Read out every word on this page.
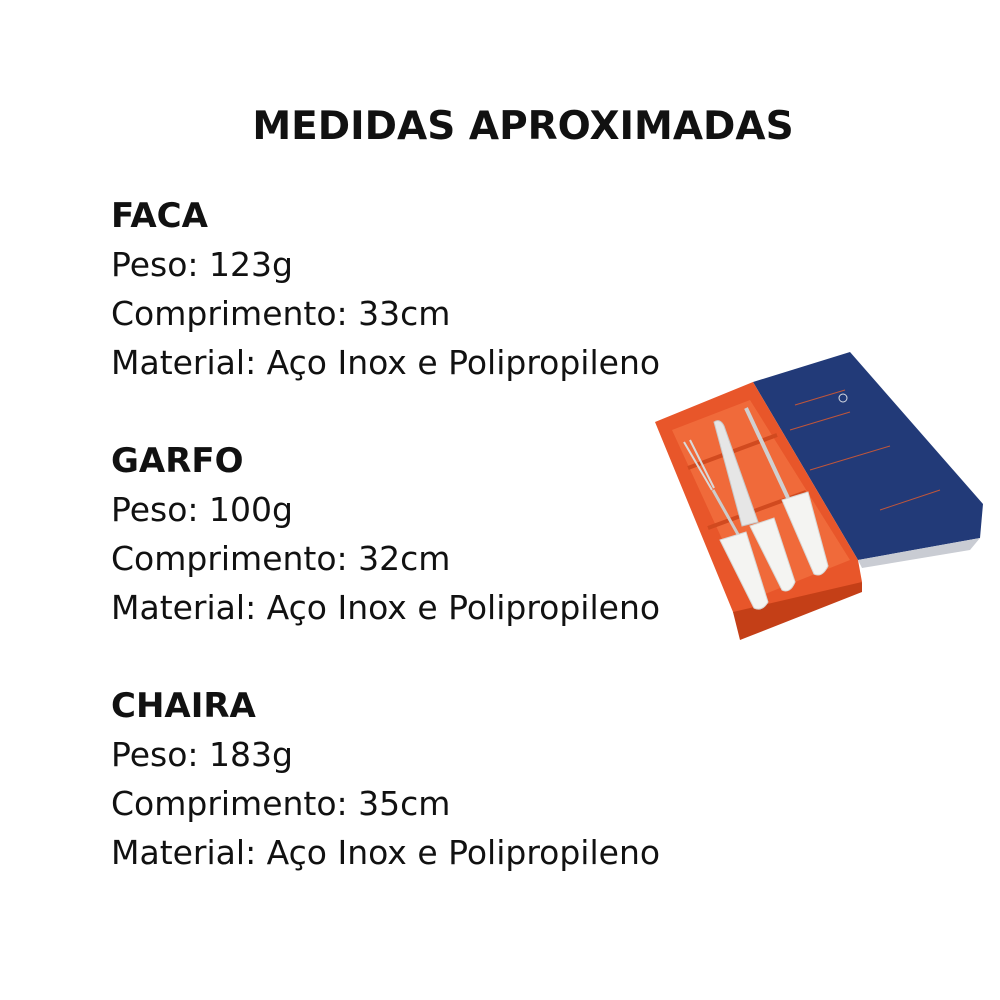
MEDIDAS APROXIMADAS
FACA
Peso: 123g
Comprimento: 33cm
Material: Aço Inox e Polipropileno
GARFO
Peso: 100g
Comprimento: 32cm
Material: Aço Inox e Polipropileno
CHAIRA
Peso: 183g
Comprimento: 35cm
Material: Aço Inox e Polipropileno
